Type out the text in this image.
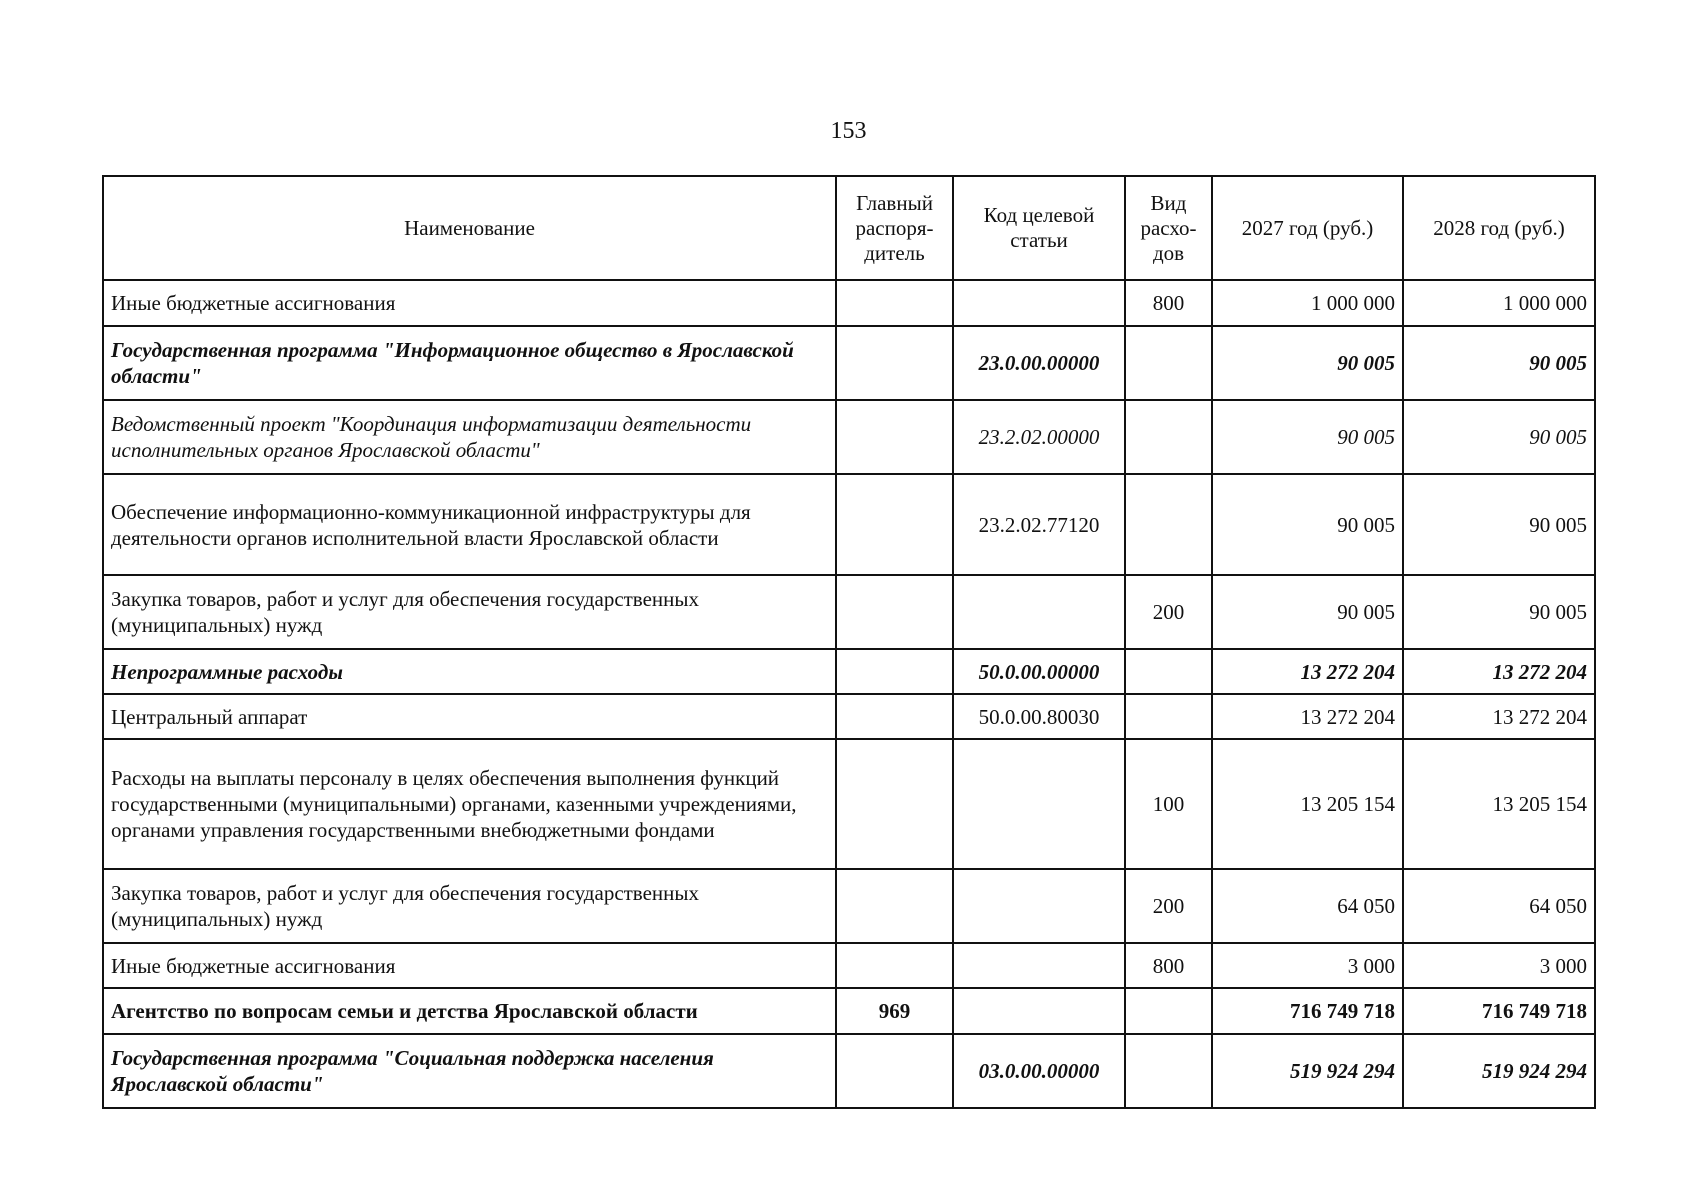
153
Наименование	Главный распоря-дитель	Код целевой статьи	Вид расхо-дов	2027 год (руб.)	2028 год (руб.)
Иные бюджетные ассигнования			800	1 000 000	1 000 000
Государственная программа "Информационное общество в Ярославской области"		23.0.00.00000		90 005	90 005
Ведомственный проект "Координация информатизации деятельности исполнительных органов Ярославской области"		23.2.02.00000		90 005	90 005
Обеспечение информационно-коммуникационной инфраструктуры для деятельности органов исполнительной власти Ярославской области		23.2.02.77120		90 005	90 005
Закупка товаров, работ и услуг для обеспечения государственных (муниципальных) нужд			200	90 005	90 005
Непрограммные расходы		50.0.00.00000		13 272 204	13 272 204
Центральный аппарат		50.0.00.80030		13 272 204	13 272 204
Расходы на выплаты персоналу в целях обеспечения выполнения функций государственными (муниципальными) органами, казенными учреждениями, органами управления государственными внебюджетными фондами			100	13 205 154	13 205 154
Закупка товаров, работ и услуг для обеспечения государственных (муниципальных) нужд			200	64 050	64 050
Иные бюджетные ассигнования			800	3 000	3 000
Агентство по вопросам семьи и детства Ярославской области	969			716 749 718	716 749 718
Государственная программа "Социальная поддержка населения Ярославской области"		03.0.00.00000		519 924 294	519 924 294
